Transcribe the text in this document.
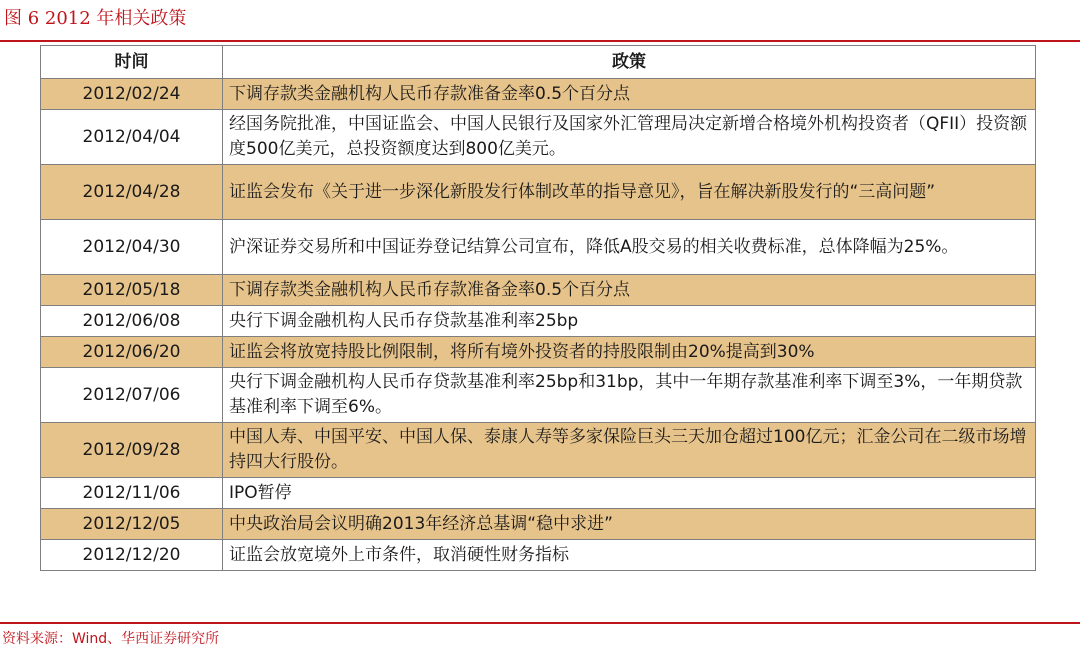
图 6 2012 年相关政策
时间	政策
2012/02/24	下调存款类金融机构人民币存款准备金率0.5个百分点
2012/04/04	经国务院批准，中国证监会、中国人民银行及国家外汇管理局决定新增合格境外机构投资者（QFII）投资额度500亿美元，总投资额度达到800亿美元。
2012/04/28	证监会发布《关于进一步深化新股发行体制改革的指导意见》，旨在解决新股发行的“三高问题”
2012/04/30	沪深证券交易所和中国证券登记结算公司宣布，降低A股交易的相关收费标准，总体降幅为25%。
2012/05/18	下调存款类金融机构人民币存款准备金率0.5个百分点
2012/06/08	央行下调金融机构人民币存贷款基准利率25bp
2012/06/20	证监会将放宽持股比例限制，将所有境外投资者的持股限制由20%提高到30%
2012/07/06	央行下调金融机构人民币存贷款基准利率25bp和31bp，其中一年期存款基准利率下调至3%，一年期贷款基准利率下调至6%。
2012/09/28	中国人寿、中国平安、中国人保、泰康人寿等多家保险巨头三天加仓超过100亿元；汇金公司在二级市场增持四大行股份。
2012/11/06	IPO暂停
2012/12/05	中央政治局会议明确2013年经济总基调“稳中求进”
2012/12/20	证监会放宽境外上市条件，取消硬性财务指标
资料来源：Wind、华西证券研究所
